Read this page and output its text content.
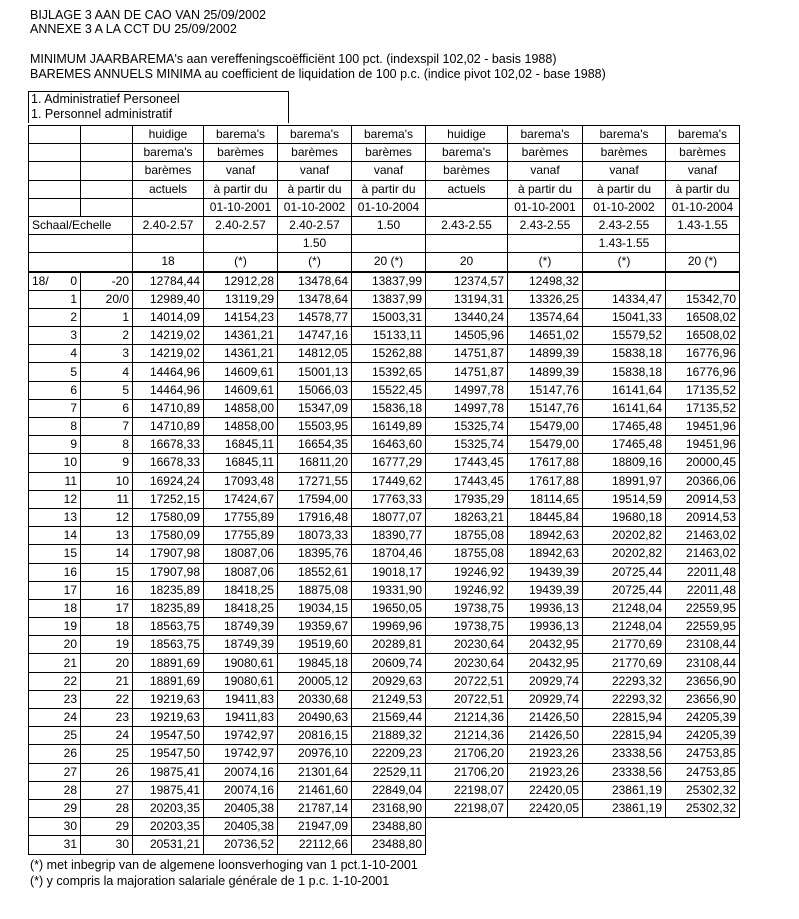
BIJLAGE 3 AAN DE CAO VAN 25/09/2002
ANNEXE 3 A LA CCT DU 25/09/2002
MINIMUM JAARBAREMA's aan vereffeningscoëfficiënt 100 pct. (indexspil 102,02 - basis 1988)
BAREMES ANNUELS MINIMA au coefficient de liquidation de 100 p.c. (indice pivot 102,02 - base 1988)
1. Administratief Personeel
1. Personnel administratif
		huidige	barema's	barema's	barema's	huidige	barema's	barema's	barema's
		barema's	barèmes	barèmes	barèmes	barema's	barèmes	barèmes	barèmes
		barèmes	vanaf	vanaf	vanaf	barèmes	vanaf	vanaf	vanaf
		actuels	à partir du	à partir du	à partir du	actuels	à partir du	à partir du	à partir du
			01-10-2001	01-10-2002	01-10-2004		01-10-2001	01-10-2002	01-10-2004
Schaal/Echelle		2.40-2.57	2.40-2.57	2.40-2.57	1.50	2.43-2.55	2.43-2.55	2.43-2.55	1.43-1.55
				1.50				1.43-1.55	
		18	(*)	(*)	20 (*)	20	(*)	(*)	20 (*)

18/ 0	-20	12784,44	12912,28	13478,64	13837,99	12374,57	12498,32		

1	20/0	12989,40	13119,29	13478,64	13837,99	13194,31	13326,25	14334,47	15342,70

2	1	14014,09	14154,23	14578,77	15003,31	13440,24	13574,64	15041,33	16508,02

3	2	14219,02	14361,21	14747,16	15133,11	14505,96	14651,02	15579,52	16508,02

4	3	14219,02	14361,21	14812,05	15262,88	14751,87	14899,39	15838,18	16776,96

5	4	14464,96	14609,61	15001,13	15392,65	14751,87	14899,39	15838,18	16776,96

6	5	14464,96	14609,61	15066,03	15522,45	14997,78	15147,76	16141,64	17135,52

7	6	14710,89	14858,00	15347,09	15836,18	14997,78	15147,76	16141,64	17135,52

8	7	14710,89	14858,00	15503,95	16149,89	15325,74	15479,00	17465,48	19451,96

9	8	16678,33	16845,11	16654,35	16463,60	15325,74	15479,00	17465,48	19451,96

10	9	16678,33	16845,11	16811,20	16777,29	17443,45	17617,88	18809,16	20000,45

11	10	16924,24	17093,48	17271,55	17449,62	17443,45	17617,88	18991,97	20366,06

12	11	17252,15	17424,67	17594,00	17763,33	17935,29	18114,65	19514,59	20914,53

13	12	17580,09	17755,89	17916,48	18077,07	18263,21	18445,84	19680,18	20914,53

14	13	17580,09	17755,89	18073,33	18390,77	18755,08	18942,63	20202,82	21463,02

15	14	17907,98	18087,06	18395,76	18704,46	18755,08	18942,63	20202,82	21463,02

16	15	17907,98	18087,06	18552,61	19018,17	19246,92	19439,39	20725,44	22011,48

17	16	18235,89	18418,25	18875,08	19331,90	19246,92	19439,39	20725,44	22011,48

18	17	18235,89	18418,25	19034,15	19650,05	19738,75	19936,13	21248,04	22559,95

19	18	18563,75	18749,39	19359,67	19969,96	19738,75	19936,13	21248,04	22559,95

20	19	18563,75	18749,39	19519,60	20289,81	20230,64	20432,95	21770,69	23108,44

21	20	18891,69	19080,61	19845,18	20609,74	20230,64	20432,95	21770,69	23108,44

22	21	18891,69	19080,61	20005,12	20929,63	20722,51	20929,74	22293,32	23656,90

23	22	19219,63	19411,83	20330,68	21249,53	20722,51	20929,74	22293,32	23656,90

24	23	19219,63	19411,83	20490,63	21569,44	21214,36	21426,50	22815,94	24205,39

25	24	19547,50	19742,97	20816,15	21889,32	21214,36	21426,50	22815,94	24205,39

26	25	19547,50	19742,97	20976,10	22209,23	21706,20	21923,26	23338,56	24753,85

27	26	19875,41	20074,16	21301,64	22529,11	21706,20	21923,26	23338,56	24753,85

28	27	19875,41	20074,16	21461,60	22849,04	22198,07	22420,05	23861,19	25302,32

29	28	20203,35	20405,38	21787,14	23168,90	22198,07	22420,05	23861,19	25302,32

30	29	20203,35	20405,38	21947,09	23488,80				

31	30	20531,21	20736,52	22112,66	23488,80				
(*) met inbegrip van de algemene loonsverhoging van 1 pct.1-10-2001
(*) y compris la majoration salariale générale de 1 p.c. 1-10-2001
